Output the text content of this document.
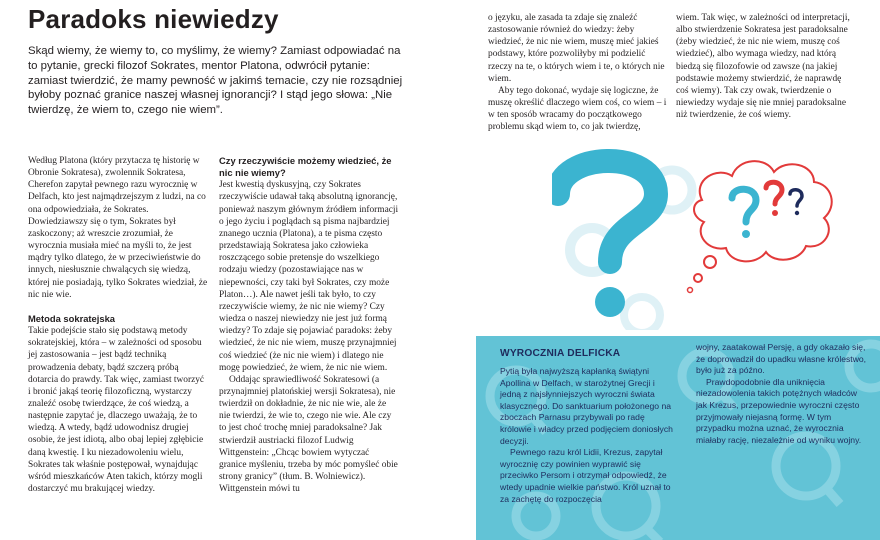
Paradoks niewiedzy
Skąd wiemy, że wiemy to, co myślimy, że wiemy? Zamiast odpowiadać na to pytanie, grecki filozof Sokrates, mentor Platona, odwrócił pytanie: zamiast twierdzić, że mamy pewność w jakimś temacie, czy nie rozsądniej byłoby poznać granice naszej własnej ignorancji? I stąd jego słowa: „Nie twierdzę, że wiem to, czego nie wiem”.

Według Platona (który przytacza tę historię w Obronie Sokratesa), zwolennik Sokratesa, Cherefon zapytał pewnego razu wyrocznię w Delfach, kto jest najmądrzejszym z ludzi, na co ona odpowiedziała, że Sokrates. Dowiedziawszy się o tym, Sokrates był zaskoczony; aż wreszcie zrozumiał, że wyrocznia musiała mieć na myśli to, że jest mądry tylko dlatego, że w przeciwieństwie do innych, niesłusznie chwalących się wiedzą, której nie posiadają, tylko Sokrates wiedział, że nic nie wie.

Metoda sokratejska

Takie podejście stało się podstawą metody sokratejskiej, która – w zależności od sposobu jej zastosowania – jest bądź techniką prowadzenia debaty, bądź szczerą próbą dotarcia do prawdy. Tak więc, zamiast tworzyć i bronić jakąś teorię filozoficzną, wystarczy znaleźć osobę twierdzące, że coś wiedzą, a następnie zapytać je, dlaczego uważają, że to wiedzą. A wtedy, bądź udowodnisz drugiej osobie, że jest idiotą, albo obaj lepiej zgłębicie daną kwestię. I ku niezadowoleniu wielu, Sokrates tak właśnie postępował, wynajdując wśród mieszkańców Aten takich, którzy mogli dostarczyć mu brakującej wiedzy.

Czy rzeczywiście możemy wiedzieć, że nic nie wiemy?

Jest kwestią dyskusyjną, czy Sokrates rzeczywiście udawał taką absolutną ignorancję, ponieważ naszym głównym źródłem informacji o jego życiu i poglądach są pisma najbardziej znanego ucznia (Platona), a te pisma często przedstawiają Sokratesa jako człowieka roszczącego sobie pretensje do wszelkiego rodzaju wiedzy (pozostawiające nas w niepewności, czy taki był Sokrates, czy może Platon…). Ale nawet jeśli tak było, to czy rzeczywiście wiemy, że nic nie wiemy? Czy wiedza o naszej niewiedzy nie jest już formą wiedzy? To zdaje się pojawiać paradoks: żeby wiedzieć, że nic nie wiem, muszę przynajmniej coś wiedzieć (że nic nie wiem) i dlatego nie mogę powiedzieć, że wiem, że nic nie wiem.

Oddając sprawiedliwość Sokratesowi (a przynajmniej platońskiej wersji Sokratesa), nie twierdził on dokładnie, że nic nie wie, ale że nie twierdzi, że wie to, czego nie wie. Ale czy to jest choć trochę mniej paradoksalne? Jak stwierdził austriacki filozof Ludwig Wittgenstein: „Chcąc bowiem wytyczać granice myśleniu, trzeba by móc pomyśleć obie strony granicy” (tłum. B. Wolniewicz). Wittgenstein mówi tu

o języku, ale zasada ta zdaje się znaleźć zastosowanie również do wiedzy: żeby wiedzieć, że nic nie wiem, muszę mieć jakieś podstawy, które pozwoliłyby mi podzielić rzeczy na te, o których wiem i te, o których nie wiem.

Aby tego dokonać, wydaje się logiczne, że muszę określić dlaczego wiem coś, co wiem – i w ten sposób wracamy do początkowego problemu skąd wiem to, co jak twierdzę,

wiem. Tak więc, w zależności od interpretacji, albo stwierdzenie Sokratesa jest paradoksalne (żeby wiedzieć, że nic nie wiem, muszę coś wiedzieć), albo wymaga wiedzy, nad którą biedzą się filozofowie od zawsze (na jakiej podstawie możemy stwierdzić, że naprawdę coś wiemy). Tak czy owak, twierdzenie o niewiedzy wydaje się nie mniej paradoksalne niż twierdzenie, że coś wiemy.

WYROCZNIA DELFICKA

Pytią była najwyższą kapłanką świątyni Apollina w Delfach, w starożytnej Grecji i jedną z najsłynniejszych wyroczni świata klasycznego. Do sanktuarium położonego na zboczach Parnasu przybywali po radę królowie i władcy przed podjęciem doniosłych decyzji.

Pewnego razu król Lidii, Krezus, zapytał wyrocznię czy powinien wyprawić się przeciwko Persom i otrzymał odpowiedź, że wtedy upadnie wielkie państwo. Król uznał to za zachętę do rozpoczęcia

wojny, zaatakował Persję, a gdy okazało się, że doprowadził do upadku własne królestwo, było już za późno.

Prawdopodobnie dla uniknięcia niezadowolenia takich potężnych władców jak Krezus, przepowiednie wyroczni często przyjmowały niejasną formę. W tym przypadku można uznać, że wyrocznia miałaby rację, niezależnie od wyniku wojny.
